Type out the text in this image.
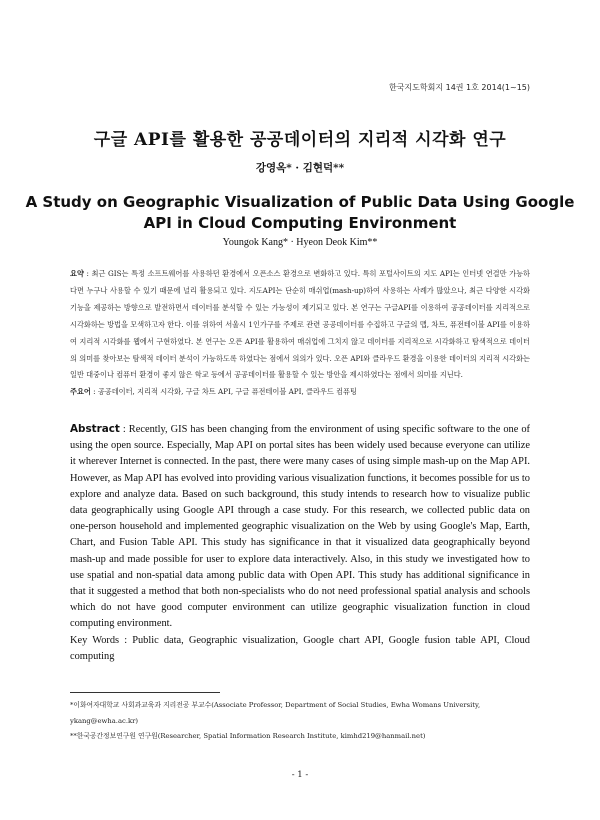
한국지도학회지 14권 1호 2014(1~15)
구글 API를 활용한 공공데이터의 지리적 시각화 연구
강영옥* · 김현덕**
A Study on Geographic Visualization of Public Data Using Google
API in Cloud Computing Environment
Youngok Kang* · Hyeon Deok Kim**
요약 : 최근 GIS는 특정 소프트웨어를 사용하던 환경에서 오픈소스 환경으로 변화하고 있다. 특히 포털사이트의 지도 API는 인터넷 연결만 가능하다면 누구나 사용할 수 있기 때문에 널리 활용되고 있다. 지도API는 단순히 매쉬업(mash-up)하여 사용하는 사례가 많았으나, 최근 다양한 시각화 기능을 제공하는 방향으로 발전하면서 데이터를 분석할 수 있는 가능성이 제기되고 있다. 본 연구는 구글API를 이용하여 공공데이터를 지리적으로 시각화하는 방법을 모색하고자 한다. 이를 위하여 서울시 1인가구를 주제로 관련 공공데이터를 수집하고 구글의 맵, 차트, 퓨전테이블 API를 이용하여 지리적 시각화를 웹에서 구현하였다. 본 연구는 오픈 API를 활용하여 매쉬업에 그치지 않고 데이터를 지리적으로 시각화하고 탐색적으로 데이터의 의미를 찾아보는 탐색적 데이터 분석이 가능하도록 하였다는 점에서 의의가 있다. 오픈 API와 클라우드 환경을 이용한 데이터의 지리적 시각화는 일반 대중이나 컴퓨터 환경이 좋지 않은 학교 등에서 공공데이터를 활용할 수 있는 방안을 제시하였다는 점에서 의미를 지닌다.
주요어 : 공공데이터, 지리적 시각화, 구글 차트 API, 구글 퓨전테이블 API, 클라우드 컴퓨팅
Abstract : Recently, GIS has been changing from the environment of using specific software to the one of using the open source. Especially, Map API on portal sites has been widely used because everyone can utilize it wherever Internet is connected. In the past, there were many cases of using simple mash-up on the Map API. However, as Map API has evolved into providing various visualization functions, it becomes possible for us to explore and analyze data. Based on such background, this study intends to research how to visualize public data geographically using Google API through a case study. For this research, we collected public data on one-person household and implemented geographic visualization on the Web by using Google's Map, Earth, Chart, and Fusion Table API. This study has significance in that it visualized data geographically beyond mash-up and made possible for user to explore data interactively. Also, in this study we investigated how to use spatial and non-spatial data among public data with Open API. This study has additional significance in that it suggested a method that both non-specialists who do not need professional spatial analysis and schools which do not have good computer environment can utilize geographic visualization function in cloud computing environment.
Key Words : Public data, Geographic visualization, Google chart API, Google fusion table API, Cloud computing
*이화여자대학교 사회과교육과 지리전공 부교수(Associate Professor, Department of Social Studies, Ewha Womans University, ykang@ewha.ac.kr)
**한국공간정보연구원 연구원(Researcher, Spatial Information Research Institute, kimhd219@hanmail.net)
- 1 -
